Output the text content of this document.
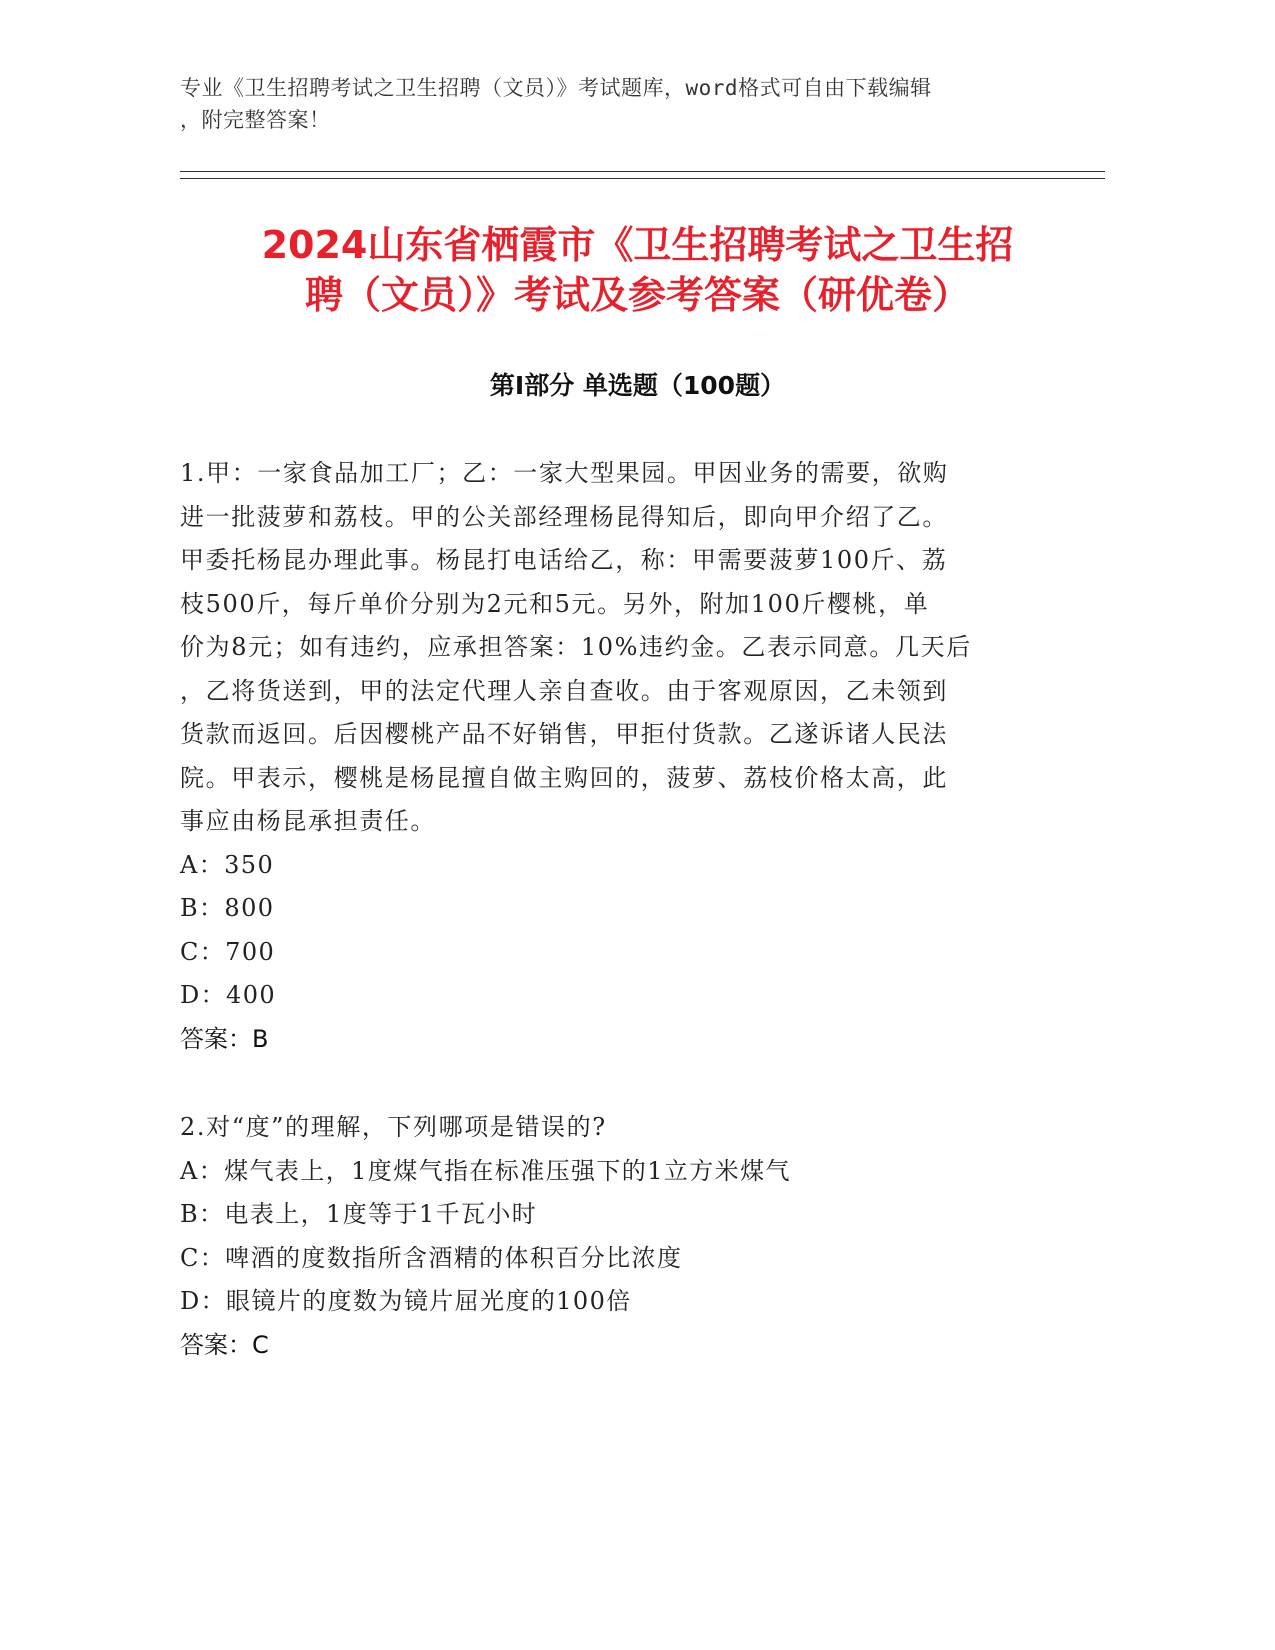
专业《卫生招聘考试之卫生招聘（文员）》考试题库，word格式可自由下载编辑

，附完整答案！

2024山东省栖霞市《卫生招聘考试之卫生招
聘（文员）》考试及参考答案（研优卷）
第Ⅰ部分 单选题（100题）

1.甲：一家食品加工厂；乙：一家大型果园。甲因业务的需要，欲购
进一批菠萝和荔枝。甲的公关部经理杨昆得知后，即向甲介绍了乙。
甲委托杨昆办理此事。杨昆打电话给乙，称：甲需要菠萝100斤、荔
枝500斤，每斤单价分别为2元和5元。另外，附加100斤樱桃，单
价为8元；如有违约，应承担答案：10%违约金。乙表示同意。几天后
，乙将货送到，甲的法定代理人亲自查收。由于客观原因，乙未领到
货款而返回。后因樱桃产品不好销售，甲拒付货款。乙遂诉诸人民法
院。甲表示，樱桃是杨昆擅自做主购回的，菠萝、荔枝价格太高，此
事应由杨昆承担责任。

A：350
B：800
C：700
D：400

答案：B

2.对“度”的理解，下列哪项是错误的?

A：煤气表上，1度煤气指在标准压强下的1立方米煤气
B：电表上，1度等于1千瓦小时
C：啤酒的度数指所含酒精的体积百分比浓度
D：眼镜片的度数为镜片屈光度的100倍

答案：C
